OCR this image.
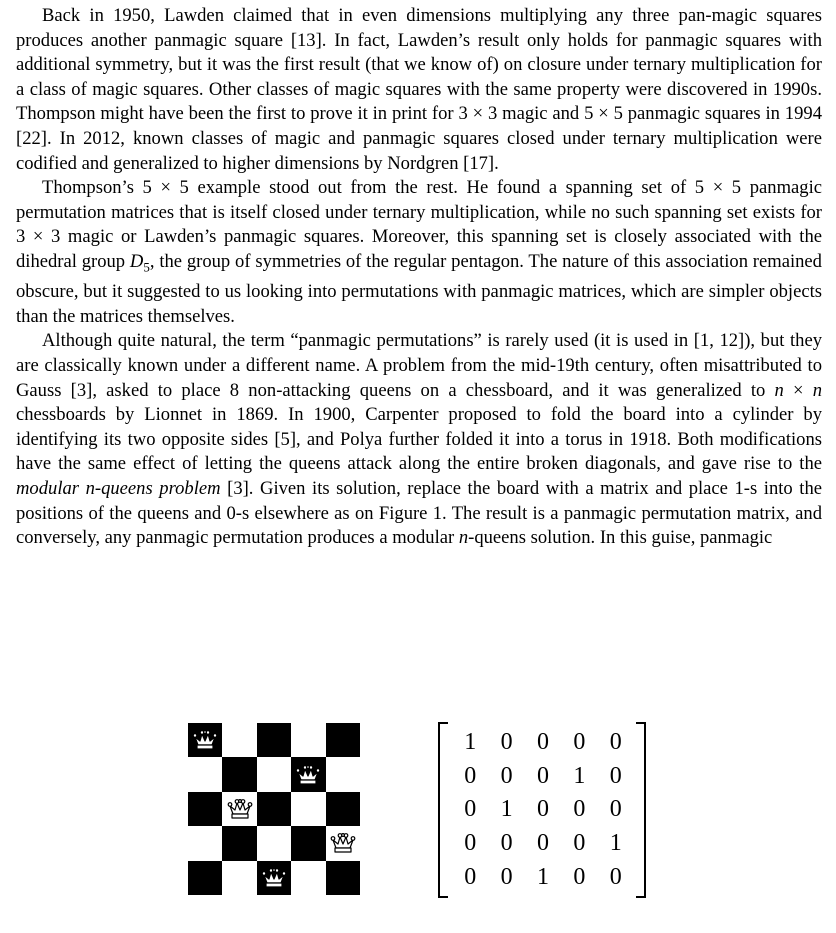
Back in 1950, Lawden claimed that in even dimensions multiplying any three pan-magic squares produces another panmagic square [13]. In fact, Lawden’s result only holds for panmagic squares with additional symmetry, but it was the first result (that we know of) on closure under ternary multiplication for a class of magic squares. Other classes of magic squares with the same property were discovered in 1990s. Thompson might have been the first to prove it in print for 3 × 3 magic and 5 × 5 panmagic squares in 1994 [22]. In 2012, known classes of magic and panmagic squares closed under ternary multiplication were codified and generalized to higher dimensions by Nordgren [17].

Thompson’s 5 × 5 example stood out from the rest. He found a spanning set of 5 × 5 panmagic permutation matrices that is itself closed under ternary multiplication, while no such spanning set exists for 3 × 3 magic or Lawden’s panmagic squares. Moreover, this spanning set is closely associated with the dihedral group $D_5$, the group of symmetries of the regular pentagon. The nature of this association remained obscure, but it suggested to us looking into permutations with panmagic matrices, which are simpler objects than the matrices themselves.

Although quite natural, the term “panmagic permutations” is rarely used (it is used in [1, 12]), but they are classically known under a different name. A problem from the mid-19th century, often misattributed to Gauss [3], asked to place 8 non-attacking queens on a chessboard, and it was generalized to n × n chessboards by Lionnet in 1869. In 1900, Carpenter proposed to fold the board into a cylinder by identifying its two opposite sides [5], and Polya further folded it into a torus in 1918. Both modifications have the same effect of letting the queens attack along the entire broken diagonals, and gave rise to the modular n-queens problem [3]. Given its solution, replace the board with a matrix and place 1-s into the positions of the queens and 0-s elsewhere as on Figure 1. The result is a panmagic permutation matrix, and conversely, any panmagic permutation produces a modular n-queens solution. In this guise, panmagic

1	0	0	0	0
0	0	0	1	0
0	1	0	0	0
0	0	0	0	1
0	0	1	0	0
